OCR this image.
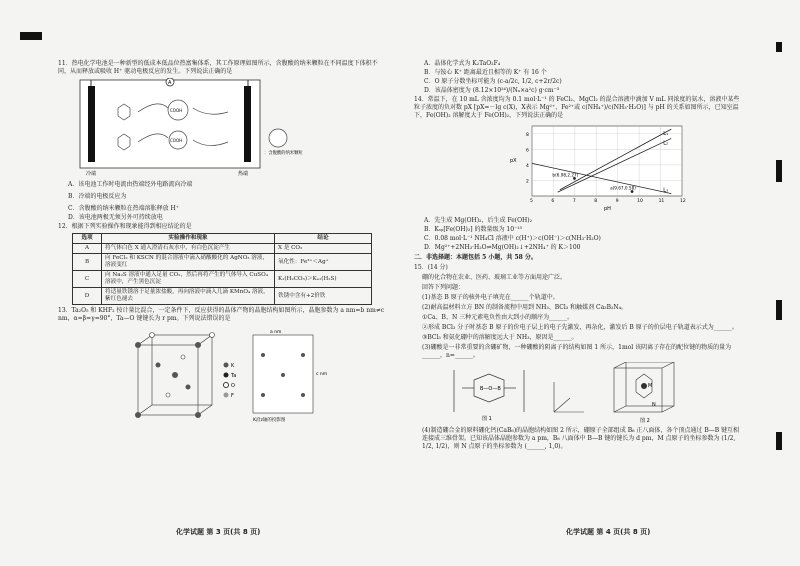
11．热电化学电池是一种新型的低成本低品位热富集体系，其工作原理如图所示，含腹酸的纳米颗粒在不同温度下体积不同，从而释放或吸收 H⁺ 驱动电极反应的发生。下列说法正确的是

A
COOH
COOH
冷端	热端
：含腹酸的纳米颗粒

A．该电池工作时电流由热端经外电路流向冷端

B．冷端的电极反应为

C．含腹酸的纳米颗粒在热端溶胀释放 H⁺

D．该电池两极无须另外可持续放电

12．根据下列实验操作和现象能得到相应结论的是

选项	实验操作和现象	结论
A	将气体白色 X 通入澄清石灰水中，有白色沉淀产生	X 是 CO₂
B	向 FeCl₂ 和 KSCN 的混合溶液中滴入硝酸酸化的 AgNO₃ 溶液，溶液变红	氧化性：Fe³⁺＜Ag⁺
C	向 Na₂S 溶液中通入足量 CO₂，然后再将产生的气体导入 CuSO₄ 溶液中，产生黑色沉淀	K₁(H₂CO₃)＞Kₐ₁(H₂S)
D	将适量铁锈溶于足量浓盐酸，再向溶液中滴入几滴 KMnO₄ 溶液，紫红色褪去	铁锈中含有+2价铁

13．Ta₂O₅ 和 KHF₂ 按计量比混合，一定条件下，反应获得的晶体产物的晶胞结构如图所示，晶胞参数为 a nm=b nm≠c nm，α=β=γ=90°，Ta—O 键键长为 r pm。下列说法错误的是

K
Ta
O
F
a nm
c nm
K沿z轴的投影图
化学试题 第 3 页(共 8 页)

A．晶体化学式为 K₂TaO₂F₄

B．与铵心 K⁺ 距离最近且相等的 K⁺ 有 16 个

C．O 原子分数坐标可能为 (c-a/2c, 1/2, c+2r/2c)

D．该晶体密度为 (8.12×10²⁴)/(Nₐ×a²c) g·cm⁻³

14．常温下，在 10 mL 含浓度均为 0.1 mol·L⁻¹ 的 FeCl₂、MgCl₂ 的混合溶液中滴加 V mL 同浓度的氨水，溶液中某些粒子浓度的负对数 pX [pX=－lg c(X)，X表示 Mg²⁺、Fe²⁺或 c(NH₄⁺)/c(NH₃·H₂O)] 与 pH 的关系如图所示，已知室温下，Fe(OH)₂ 溶解度大于 Fe(OH)₂，下列说法正确的是

L₁
L₂
L₃
b(6.98,2.27)
a(9.67,0.58)
5	6	7	8	9	10	11	12
2
4
6
8
pX
pH

A．先生成 Mg(OH)₂，后生成 Fe(OH)₂

B．Kₛₚ[Fe(OH)₂] 的数量级为 10⁻¹⁵

C．0.08 mol·L⁻¹ NH₄Cl 溶液中 c(H⁺)＞c(OH⁻)＞c(NH₃·H₂O)

D．Mg²⁺+2NH₃·H₂O⇌Mg(OH)₂↓+2NH₄⁺ 的 K＞100

二．非选择题：本题包括 5 小题，共 58 分。

15．(14 分)

硼的化合物在农业、医药、玻璃工业等方面用途广泛。

回答下列问题：

(1)基态 B 原子的核外电子填充在______个轨道中。

(2)耐高温材料立方 BN 的制备流程中用到 NH₃、BCl₃ 和触媒剂 Ca₃B₂N₄。

①Ca、B、N 三种元素电负性由大到小的顺序为______。

②形成 BCl₃ 分子时基态 B 原子的价电子层上的电子先激发，再杂化，激发后 B 原子的价层电子轨道表示式为______。

③BCl₃ 和氨化硼中的溶解度远大于 NH₃，原因是______。

(3)硼酸是一非常重要的含硼矿物，一种硼酸的阴离子的结构如图 1 所示，1mol 该阴离子存在的配位键的物质的量为______，n=______。

B—O—B
图 1
M
N
图 2

(4)制造硼合金的原料硼化钙(CaB₆)的晶胞结构如图 2 所示，硼原子全部组成 B₆ 正八面体，各个顶点通过 B—B 键互相连接成三维骨架。已知该晶体晶胞参数为 a pm，B₆ 八面体中 B—B 键的键长为 d pm，M 点原子的坐标参数为 (1/2, 1/2, 1/2)，则 N 点原子的坐标参数为 (______, 1,0)。

化学试题 第 4 页(共 8 页)
